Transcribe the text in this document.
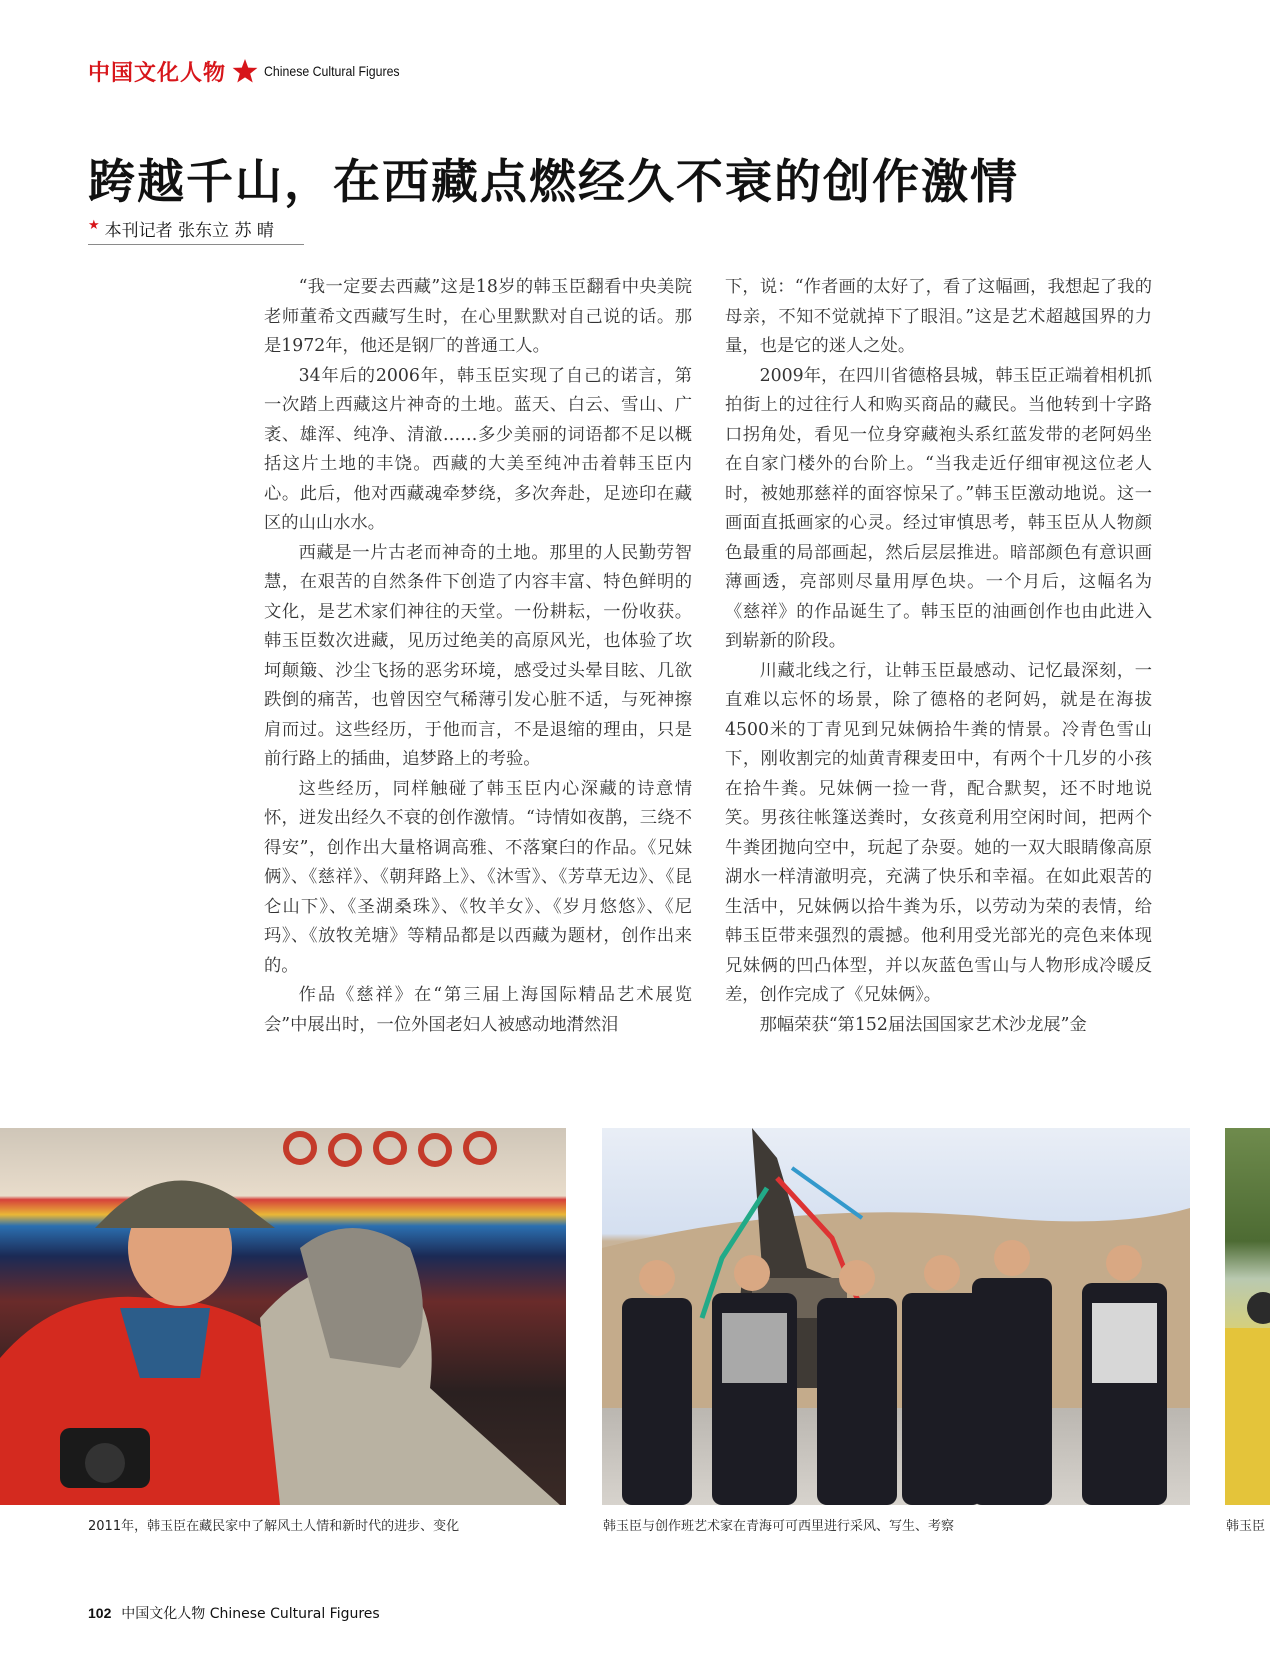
中国文化人物	Chinese Cultural Figures
跨越千山，在西藏点燃经久不衰的创作激情
★ 本刊记者 张东立 苏 晴

“我一定要去西藏”这是18岁的韩玉臣翻看中央美院老师董希文西藏写生时，在心里默默对自己说的话。那是1972年，他还是钢厂的普通工人。

34年后的2006年，韩玉臣实现了自己的诺言，第一次踏上西藏这片神奇的土地。蓝天、白云、雪山、广袤、雄浑、纯净、清澈……多少美丽的词语都不足以概括这片土地的丰饶。西藏的大美至纯冲击着韩玉臣内心。此后，他对西藏魂牵梦绕，多次奔赴，足迹印在藏区的山山水水。

西藏是一片古老而神奇的土地。那里的人民勤劳智慧，在艰苦的自然条件下创造了内容丰富、特色鲜明的文化，是艺术家们神往的天堂。一份耕耘，一份收获。韩玉臣数次进藏，见历过绝美的高原风光，也体验了坎坷颠簸、沙尘飞扬的恶劣环境，感受过头晕目眩、几欲跌倒的痛苦，也曾因空气稀薄引发心脏不适，与死神擦肩而过。这些经历，于他而言，不是退缩的理由，只是前行路上的插曲，追梦路上的考验。

这些经历，同样触碰了韩玉臣内心深藏的诗意情怀，迸发出经久不衰的创作激情。“诗情如夜鹊，三绕不得安”，创作出大量格调高雅、不落窠臼的作品。《兄妹俩》、《慈祥》、《朝拜路上》、《沐雪》、《芳草无边》、《昆仑山下》、《圣湖桑珠》、《牧羊女》、《岁月悠悠》、《尼玛》、《放牧羌塘》等精品都是以西藏为题材，创作出来的。

作品《慈祥》在“第三届上海国际精品艺术展览会”中展出时，一位外国老妇人被感动地潸然泪

下，说：“作者画的太好了，看了这幅画，我想起了我的母亲，不知不觉就掉下了眼泪。”这是艺术超越国界的力量，也是它的迷人之处。

2009年，在四川省德格县城，韩玉臣正端着相机抓拍街上的过往行人和购买商品的藏民。当他转到十字路口拐角处，看见一位身穿藏袍头系红蓝发带的老阿妈坐在自家门楼外的台阶上。“当我走近仔细审视这位老人时，被她那慈祥的面容惊呆了。”韩玉臣激动地说。这一画面直抵画家的心灵。经过审慎思考，韩玉臣从人物颜色最重的局部画起，然后层层推进。暗部颜色有意识画薄画透，亮部则尽量用厚色块。一个月后，这幅名为《慈祥》的作品诞生了。韩玉臣的油画创作也由此进入到崭新的阶段。

川藏北线之行，让韩玉臣最感动、记忆最深刻，一直难以忘怀的场景，除了德格的老阿妈，就是在海拔4500米的丁青见到兄妹俩拾牛粪的情景。冷青色雪山下，刚收割完的灿黄青稞麦田中，有两个十几岁的小孩在拾牛粪。兄妹俩一捡一背，配合默契，还不时地说笑。男孩往帐篷送粪时，女孩竟利用空闲时间，把两个牛粪团抛向空中，玩起了杂耍。她的一双大眼睛像高原湖水一样清澈明亮，充满了快乐和幸福。在如此艰苦的生活中，兄妹俩以拾牛粪为乐，以劳动为荣的表情，给韩玉臣带来强烈的震撼。他利用受光部光的亮色来体现兄妹俩的凹凸体型，并以灰蓝色雪山与人物形成冷暖反差，创作完成了《兄妹俩》。

那幅荣获“第152届法国国家艺术沙龙展”金

2011年，韩玉臣在藏民家中了解风土人情和新时代的进步、变化	韩玉臣与创作班艺术家在青海可可西里进行采风、写生、考察	韩玉臣
102 中国文化人物 Chinese Cultural Figures
